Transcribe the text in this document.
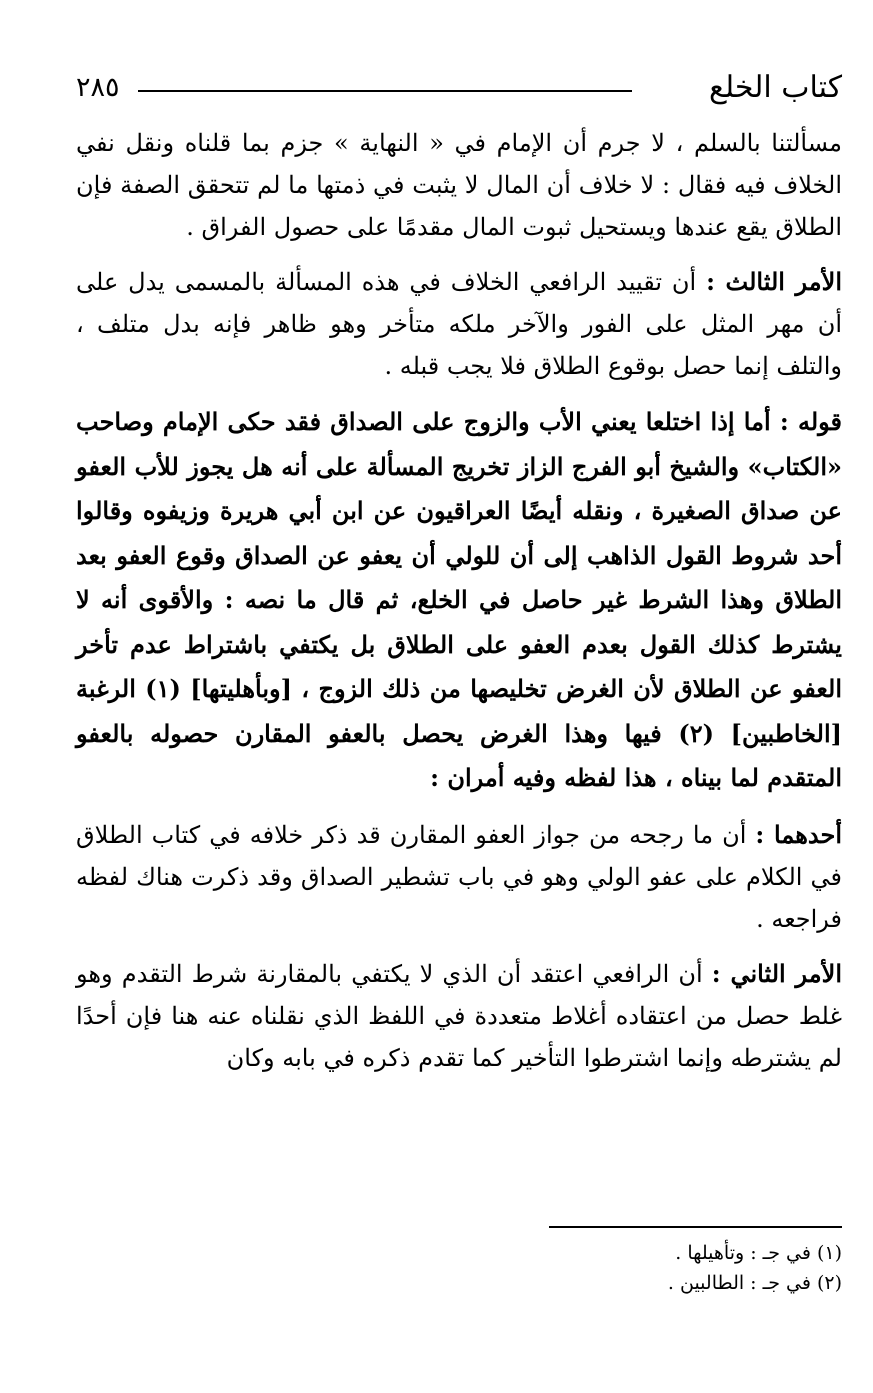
كتاب الخلع
٢٨٥

مسألتنا بالسلم ، لا جرم أن الإمام في « النهاية » جزم بما قلناه ونقل نفي الخلاف فيه فقال : لا خلاف أن المال لا يثبت في ذمتها ما لم تتحقق الصفة فإن الطلاق يقع عندها ويستحيل ثبوت المال مقدمًا على حصول الفراق .

الأمر الثالث : أن تقييد الرافعي الخلاف في هذه المسألة بالمسمى يدل على أن مهر المثل على الفور والآخر ملكه متأخر وهو ظاهر فإنه بدل متلف ، والتلف إنما حصل بوقوع الطلاق فلا يجب قبله .

قوله : أما إذا اختلعا يعني الأب والزوج على الصداق فقد حكى الإمام وصاحب «الكتاب» والشيخ أبو الفرج الزاز تخريج المسألة على أنه هل يجوز للأب العفو عن صداق الصغيرة ، ونقله أيضًا العراقيون عن ابن أبي هريرة وزيفوه وقالوا أحد شروط القول الذاهب إلى أن للولي أن يعفو عن الصداق وقوع العفو بعد الطلاق وهذا الشرط غير حاصل في الخلع، ثم قال ما نصه : والأقوى أنه لا يشترط كذلك القول بعدم العفو على الطلاق بل يكتفي باشتراط عدم تأخر العفو عن الطلاق لأن الغرض تخليصها من ذلك الزوج ، [وبأهليتها] (١) الرغبة [الخاطبين] (٢) فيها وهذا الغرض يحصل بالعفو المقارن حصوله بالعفو المتقدم لما بيناه ، هذا لفظه وفيه أمران :

أحدهما : أن ما رجحه من جواز العفو المقارن قد ذكر خلافه في كتاب الطلاق في الكلام على عفو الولي وهو في باب تشطير الصداق وقد ذكرت هناك لفظه فراجعه .

الأمر الثاني : أن الرافعي اعتقد أن الذي لا يكتفي بالمقارنة شرط التقدم وهو غلط حصل من اعتقاده أغلاط متعددة في اللفظ الذي نقلناه عنه هنا فإن أحدًا لم يشترطه وإنما اشترطوا التأخير كما تقدم ذكره في بابه وكان

(١) في جـ : وتأهيلها .

(٢) في جـ : الطالبين .
